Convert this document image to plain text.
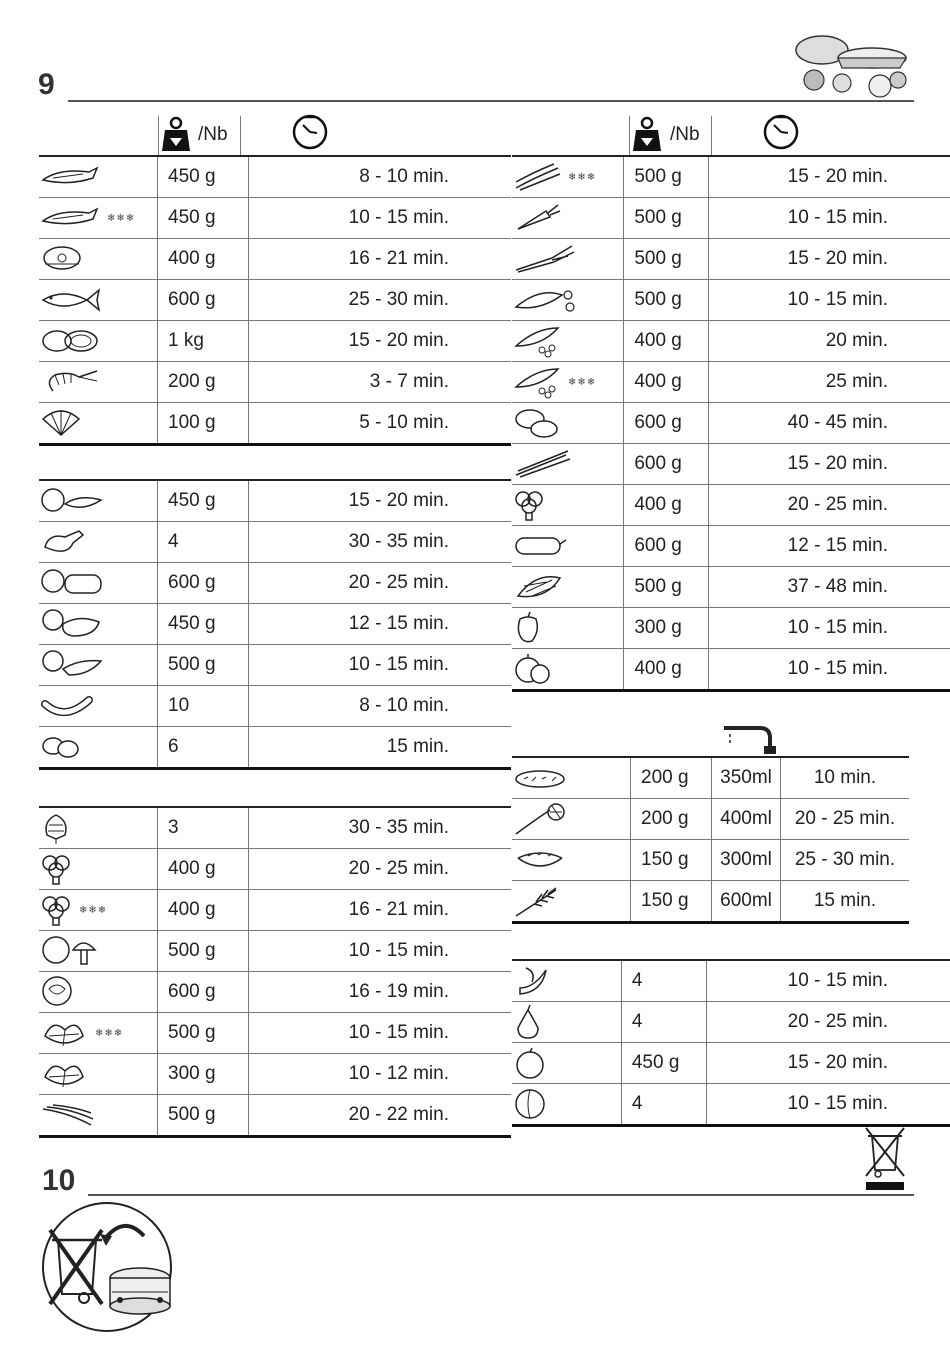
9
/Nb	/Nb
	450 g	8 - 10 min.
❄❄❄	450 g	10 - 15 min.
	400 g	16 - 21 min.
	600 g	25 - 30 min.
	1 kg	15 - 20 min.
	200 g	3 - 7 min.
	100 g	5 - 10 min.
	450 g	15 - 20 min.
	4	30 - 35 min.
	600 g	20 - 25 min.
	450 g	12 - 15 min.
	500 g	10 - 15 min.
	10	8 - 10 min.
	6	15 min.
	3	30 - 35 min.
	400 g	20 - 25 min.
❄❄❄	400 g	16 - 21 min.
	500 g	10 - 15 min.
	600 g	16 - 19 min.
❄❄❄	500 g	10 - 15 min.
	300 g	10 - 12 min.
	500 g	20 - 22 min.
❄❄❄	500 g	15 - 20 min.
	500 g	10 - 15 min.
	500 g	15 - 20 min.
	500 g	10 - 15 min.
	400 g	20 min.
❄❄❄	400 g	25 min.
	600 g	40 - 45 min.
	600 g	15 - 20 min.
	400 g	20 - 25 min.
	600 g	12 - 15 min.
	500 g	37 - 48 min.
	300 g	10 - 15 min.
	400 g	10 - 15 min.
	200 g	350ml	10 min.
	200 g	400ml	20 - 25 min.
	150 g	300ml	25 - 30 min.
	150 g	600ml	15 min.
	4	10 - 15 min.
	4	20 - 25 min.
	450 g	15 - 20 min.
	4	10 - 15 min.
10
